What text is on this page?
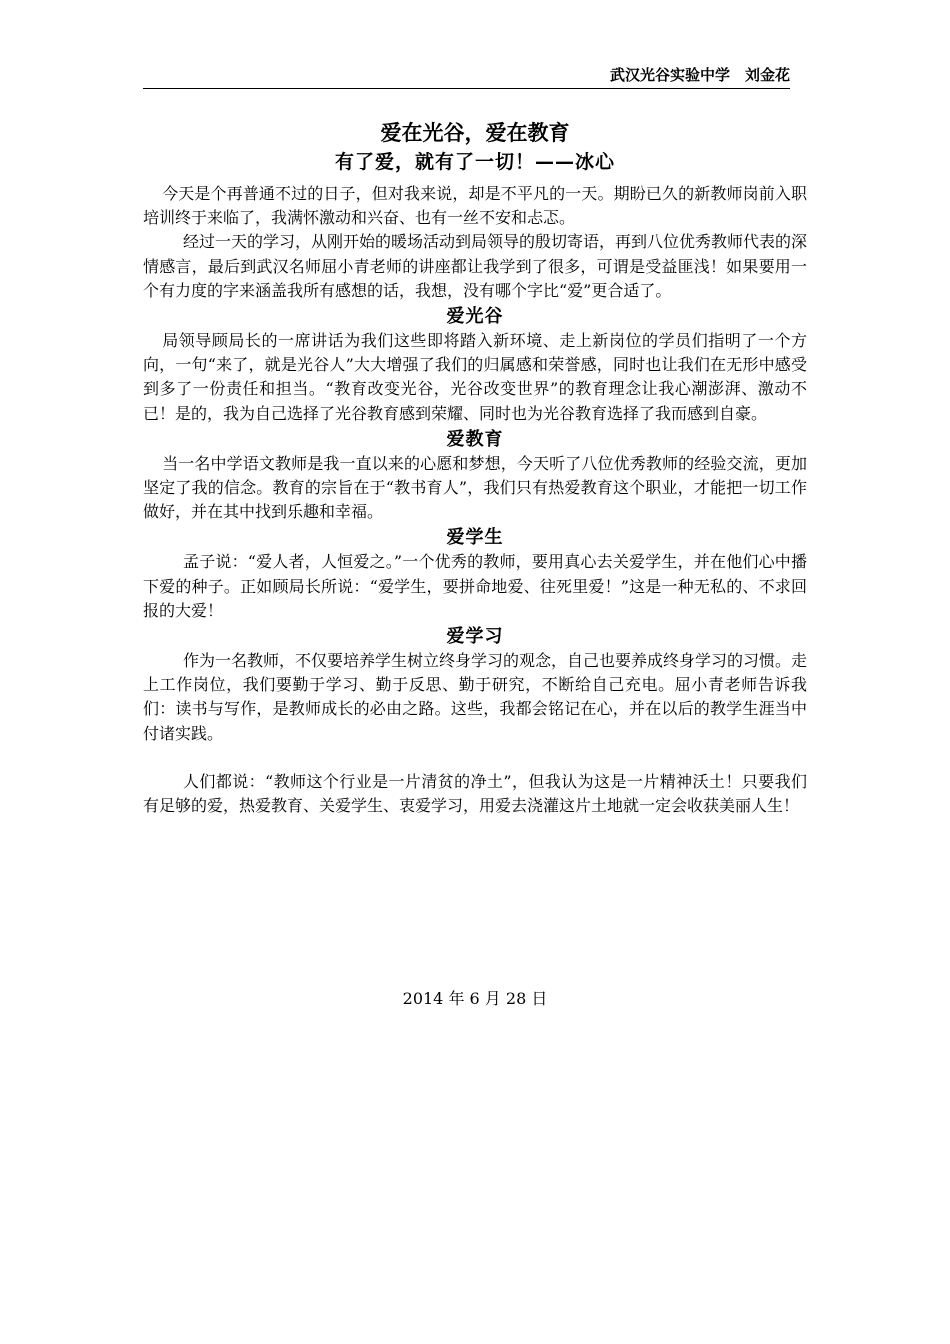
武汉光谷实验中学　刘金花
爱在光谷，爱在教育
有了爱，就有了一切！——冰心

今天是个再普通不过的日子，但对我来说，却是不平凡的一天。期盼已久的新教师岗前入职培训终于来临了，我满怀激动和兴奋、也有一丝不安和忐忑。

经过一天的学习，从刚开始的暖场活动到局领导的殷切寄语，再到八位优秀教师代表的深情感言，最后到武汉名师屈小青老师的讲座都让我学到了很多，可谓是受益匪浅！如果要用一个有力度的字来涵盖我所有感想的话，我想，没有哪个字比“爱”更合适了。

爱光谷

局领导顾局长的一席讲话为我们这些即将踏入新环境、走上新岗位的学员们指明了一个方向，一句“来了，就是光谷人”大大增强了我们的归属感和荣誉感，同时也让我们在无形中感受到多了一份责任和担当。“教育改变光谷，光谷改变世界”的教育理念让我心潮澎湃、激动不已！是的，我为自己选择了光谷教育感到荣耀、同时也为光谷教育选择了我而感到自豪。

爱教育

当一名中学语文教师是我一直以来的心愿和梦想，今天听了八位优秀教师的经验交流，更加坚定了我的信念。教育的宗旨在于“教书育人”，我们只有热爱教育这个职业，才能把一切工作做好，并在其中找到乐趣和幸福。

爱学生

孟子说：“爱人者，人恒爱之。”一个优秀的教师，要用真心去关爱学生，并在他们心中播下爱的种子。正如顾局长所说：“爱学生，要拼命地爱、往死里爱！”这是一种无私的、不求回报的大爱！

爱学习

作为一名教师，不仅要培养学生树立终身学习的观念，自己也要养成终身学习的习惯。走上工作岗位，我们要勤于学习、勤于反思、勤于研究，不断给自己充电。屈小青老师告诉我们：读书与写作，是教师成长的必由之路。这些，我都会铭记在心，并在以后的教学生涯当中付诸实践。

人们都说：“教师这个行业是一片清贫的净土”，但我认为这是一片精神沃土！只要我们有足够的爱，热爱教育、关爱学生、衷爱学习，用爱去浇灌这片土地就一定会收获美丽人生！

2014 年 6 月 28 日
